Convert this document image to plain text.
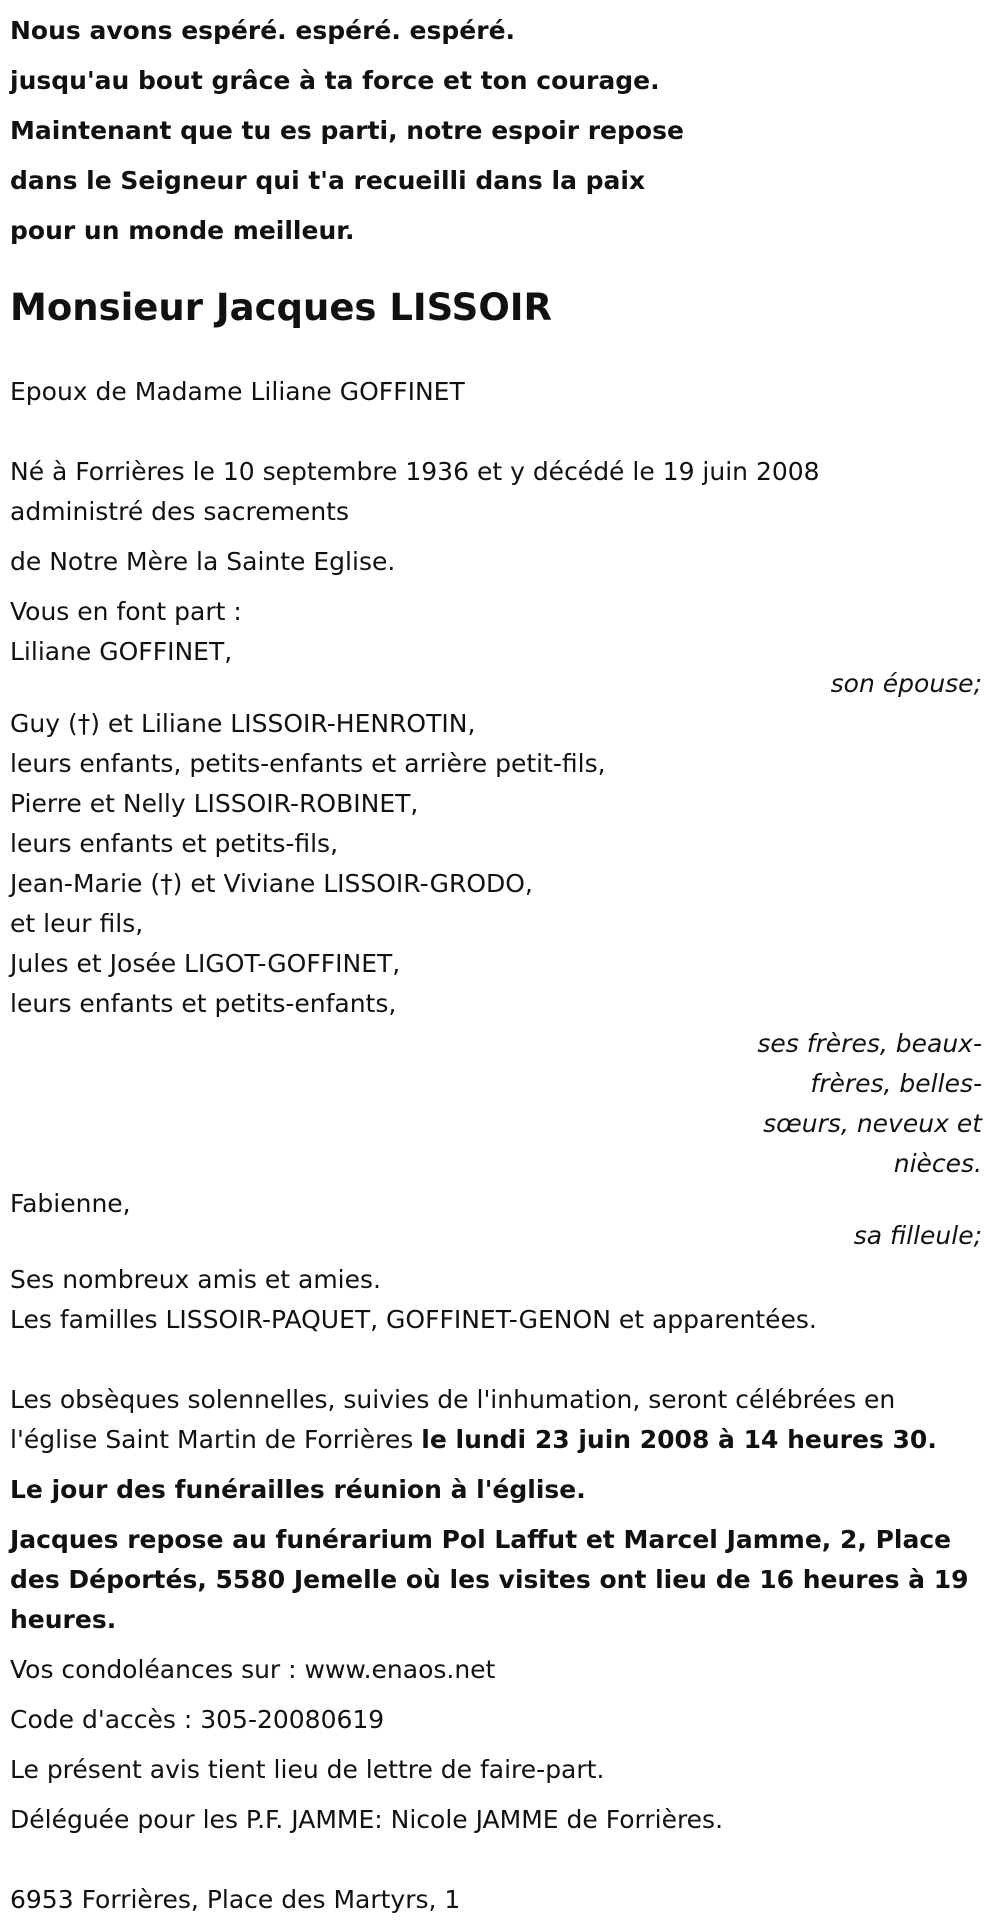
Nous avons espéré. espéré. espéré.
jusqu'au bout grâce à ta force et ton courage.
Maintenant que tu es parti, notre espoir repose
dans le Seigneur qui t'a recueilli dans la paix
pour un monde meilleur.
Monsieur Jacques LISSOIR
Epoux de Madame Liliane GOFFINET
Né à Forrières le 10 septembre 1936 et y décédé le 19 juin 2008
administré des sacrements
de Notre Mère la Sainte Eglise.
Vous en font part :
Liliane GOFFINET,
son épouse;
Guy (†) et Liliane LISSOIR-HENROTIN,
leurs enfants, petits-enfants et arrière petit-fils,
Pierre et Nelly LISSOIR-ROBINET,
leurs enfants et petits-fils,
Jean-Marie (†) et Viviane LISSOIR-GRODO,
et leur fils,
Jules et Josée LIGOT-GOFFINET,
leurs enfants et petits-enfants,
ses frères, beaux-frères, belles-sœurs, neveux et nièces.
Fabienne,
sa filleule;
Ses nombreux amis et amies.
Les familles LISSOIR-PAQUET, GOFFINET-GENON et apparentées.
Les obsèques solennelles, suivies de l'inhumation, seront célébrées en l'église Saint Martin de Forrières le lundi 23 juin 2008 à 14 heures 30.
Le jour des funérailles réunion à l'église.
Jacques repose au funérarium Pol Laffut et Marcel Jamme, 2, Place des Déportés, 5580 Jemelle où les visites ont lieu de 16 heures à 19 heures.
Vos condoléances sur : www.enaos.net
Code d'accès : 305-20080619
Le présent avis tient lieu de lettre de faire-part.
Déléguée pour les P.F. JAMME: Nicole JAMME de Forrières.
6953 Forrières, Place des Martyrs, 1
